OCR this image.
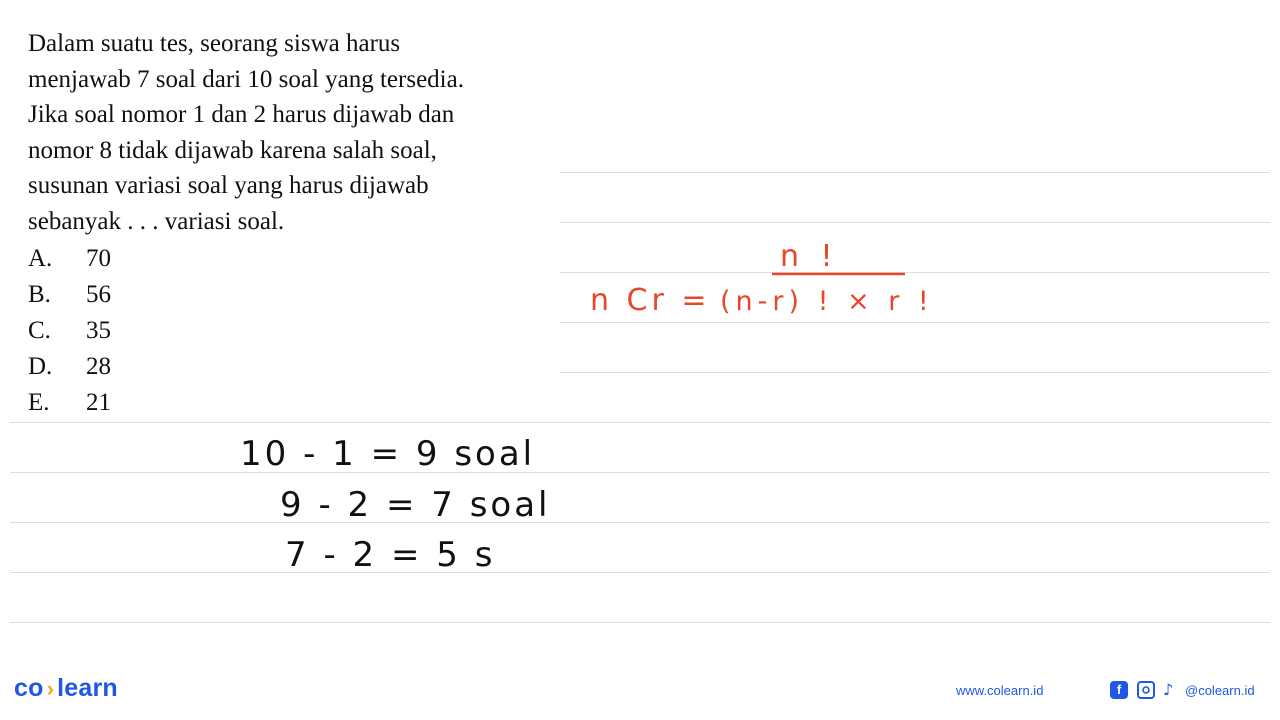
Dalam suatu tes, seorang siswa harus

menjawab 7 soal dari 10 soal yang tersedia.

Jika soal nomor 1 dan 2 harus dijawab dan

nomor 8 tidak dijawab karena salah soal,

susunan variasi soal yang harus dijawab

sebanyak . . . variasi soal.

A. 70
B. 56
C. 35
D. 28
E. 21
n !
n Cr = (n-r) ! × r !
10 - 1 = 9 soal
9 - 2 = 7 soal
7 - 2 = 5 s
co › learn	www.colearn.id	f	♪ @colearn.id
